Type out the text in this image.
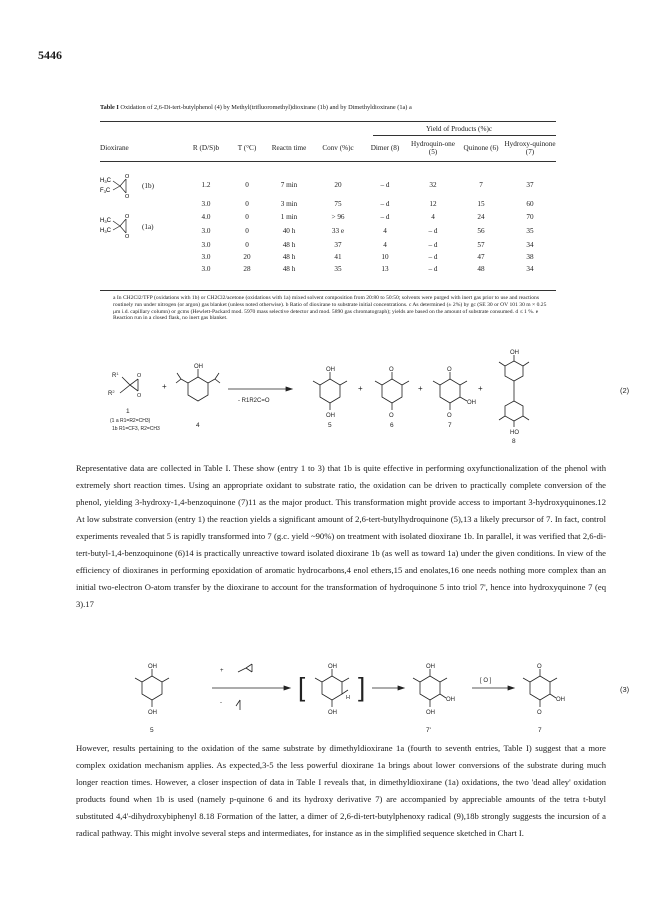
5446
Table I Oxidation of 2,6-Di-tert-butylphenol (4) by Methyl(trifluoromethyl)dioxirane (1b) and by Dimethyldioxirane (1a) a
					Yield of Products (%)c			
Dioxirane	R (D/S)b	T (°C)	Reactn time	Conv (%)c	Dimer (8)	Hydroquin-one (5)	Quinone (6)	Hydroxy-quinone (7)

H3C
F3C
O
O
(1b)	1.2	0	7 min	20	– d	32	7	37
	3.0	0	3 min	75	– d	12	15	60
	4.0	0	1 min	> 96	– d	4	24	70

H3C
H3C
O
O
(1a)	3.0	0	40 h	33 e	4	– d	56	35
	3.0	0	48 h	37	4	– d	57	34
	3.0	20	48 h	41	10	– d	47	38
	3.0	28	48 h	35	13	– d	48	34
a In CH2Cl2/TFP (oxidations with 1b) or CH2Cl2/acetone (oxidations with 1a) mixed solvent composition from 20:80 to 50:50; solvents were purged with inert gas prior to use and reactions routinely run under nitrogen (or argon) gas blanket (unless noted otherwise). b Ratio of dioxirane to substrate initial concentrations. c As determined (± 2%) by gc (SE 30 or OV 101 30 m × 0.25 μm i.d. capillary column) or gcms (Hewlett-Packard mod. 5970 mass selective detector and mod. 5890 gas chromatograph); yields are based on the amount of substrate consumed. d ≤ 1 %. e Reaction run in a closed flask, no inert gas blanket.
$R^1$
$R^2$
O
O
+
OH
- R1R2C=O
OH
OH
+
O
O
+
O
O
OH
+
OH
HO
(2)
1
(1 a R1=R2=CH3)
1b R1=CF3, R2=CH3	4	5	6	7
8

Representative data are collected in Table I. These show (entry 1 to 3) that 1b is quite effective in performing oxyfunctionalization of the phenol with extremely short reaction times. Using an appropriate oxidant to substrate ratio, the oxidation can be driven to practically complete conversion of the phenol, yielding 3-hydroxy-1,4-benzoquinone (7)11 as the major product. This transformation might provide access to important 3-hydroxyquinones.12 At low substrate conversion (entry 1) the reaction yields a significant amount of 2,6-tert-butylhydroquinone (5),13 a likely precursor of 7. In fact, control experiments revealed that 5 is rapidly transformed into 7 (g.c. yield ~90%) on treatment with isolated dioxirane 1b. In parallel, it was verified that 2,6-di-tert-butyl-1,4-benzoquinone (6)14 is practically unreactive toward isolated dioxirane 1b (as well as toward 1a) under the given conditions. In view of the efficiency of dioxiranes in performing epoxidation of aromatic hydrocarbons,4 enol ethers,15 and enolates,16 one needs nothing more complex than an initial two-electron O-atom transfer by the dioxirane to account for the transformation of hydroquinone 5 into triol 7', hence into hydroxyquinone 7 (eq 3).17

OH
OH
+
-
[
OH
OH
H ]
OH
OH
OH
[ O ]
O
O
OH
(3)
5	7'	7

However, results pertaining to the oxidation of the same substrate by dimethyldioxirane 1a (fourth to seventh entries, Table I) suggest that a more complex oxidation mechanism applies. As expected,3-5 the less powerful dioxirane 1a brings about lower conversions of the substrate during much longer reaction times. However, a closer inspection of data in Table I reveals that, in dimethyldioxirane (1a) oxidations, the two 'dead alley' oxidation products found when 1b is used (namely p-quinone 6 and its hydroxy derivative 7) are accompanied by appreciable amounts of the tetra t-butyl substituted 4,4'-dihydroxybiphenyl 8.18 Formation of the latter, a dimer of 2,6-di-tert-butylphenoxy radical (9),18b strongly suggests the incursion of a radical pathway. This might involve several steps and intermediates, for instance as in the simplified sequence sketched in Chart I.
